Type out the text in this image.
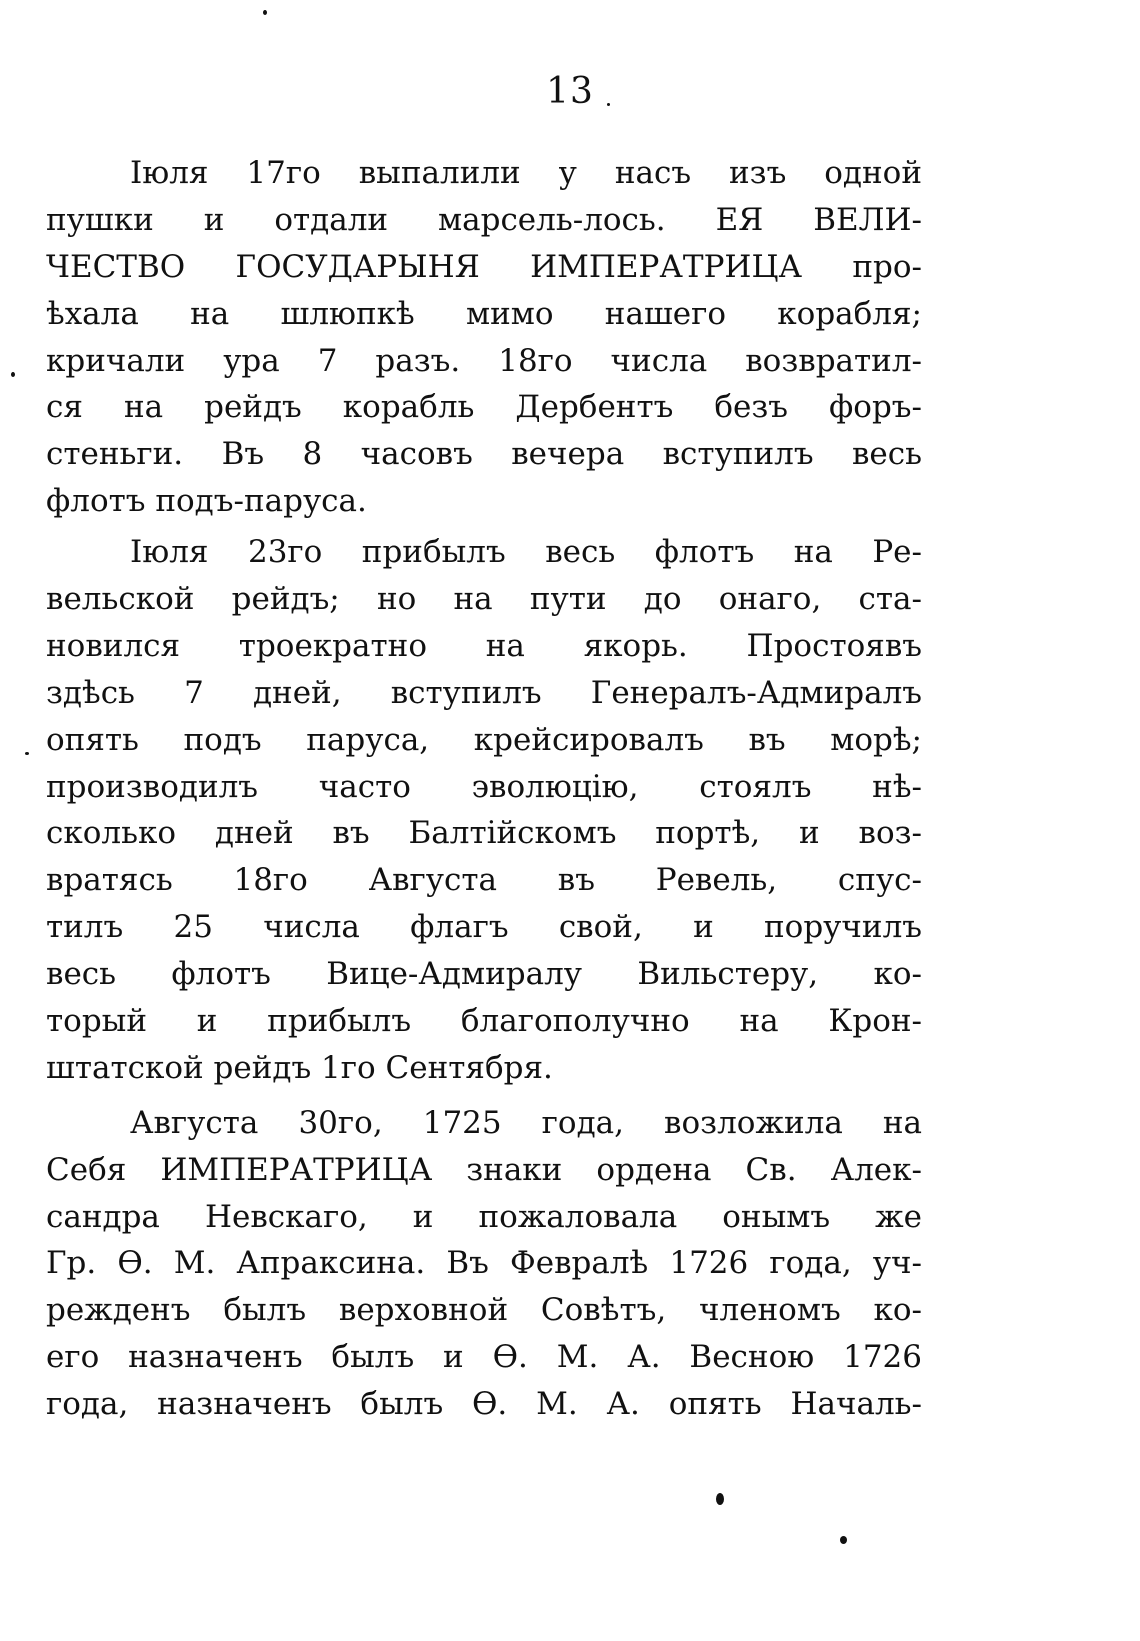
13
Іюля 17го выпалили у насъ изъ одной
пушки и отдали марсель-лось. ЕЯ ВЕЛИ-
ЧЕСТВО ГОСУДАРЫНЯ ИМПЕРАТРИЦА про-
ѣхала на шлюпкѣ мимо нашего корабля;
кричали ура 7 разъ. 18го числа возвратил-
ся на рейдъ корабль Дербентъ безъ форъ-
стеньги. Въ 8 часовъ вечера вступилъ весь
флотъ подъ-паруса.
Іюля 23го прибылъ весь флотъ на Ре-
вельской рейдъ; но на пути до онаго, ста-
новился троекратно на якорь. Простоявъ
здѣсь 7 дней, вступилъ Генералъ-Адмиралъ
опять подъ паруса, крейсировалъ въ морѣ;
производилъ часто эволюцію, стоялъ нѣ-
сколько дней въ Балтійскомъ портѣ, и воз-
вратясь 18го Августа въ Ревель, спус-
тилъ 25 числа флагъ свой, и поручилъ
весь флотъ Вице-Адмиралу Вильстеру, ко-
торый и прибылъ благополучно на Крон-
штатской рейдъ 1го Сентября.
Августа 30го, 1725 года, возложила на
Себя ИМПЕРАТРИЦА знаки ордена Св. Алек-
сандра Невскаго, и пожаловала онымъ же
Гр. Ѳ. М. Апраксина. Въ Февралѣ 1726 года, уч-
режденъ былъ верховной Совѣтъ, членомъ ко-
его назначенъ былъ и Ѳ. М. А. Весною 1726
года, назначенъ былъ Ѳ. М. А. опять Началь-
